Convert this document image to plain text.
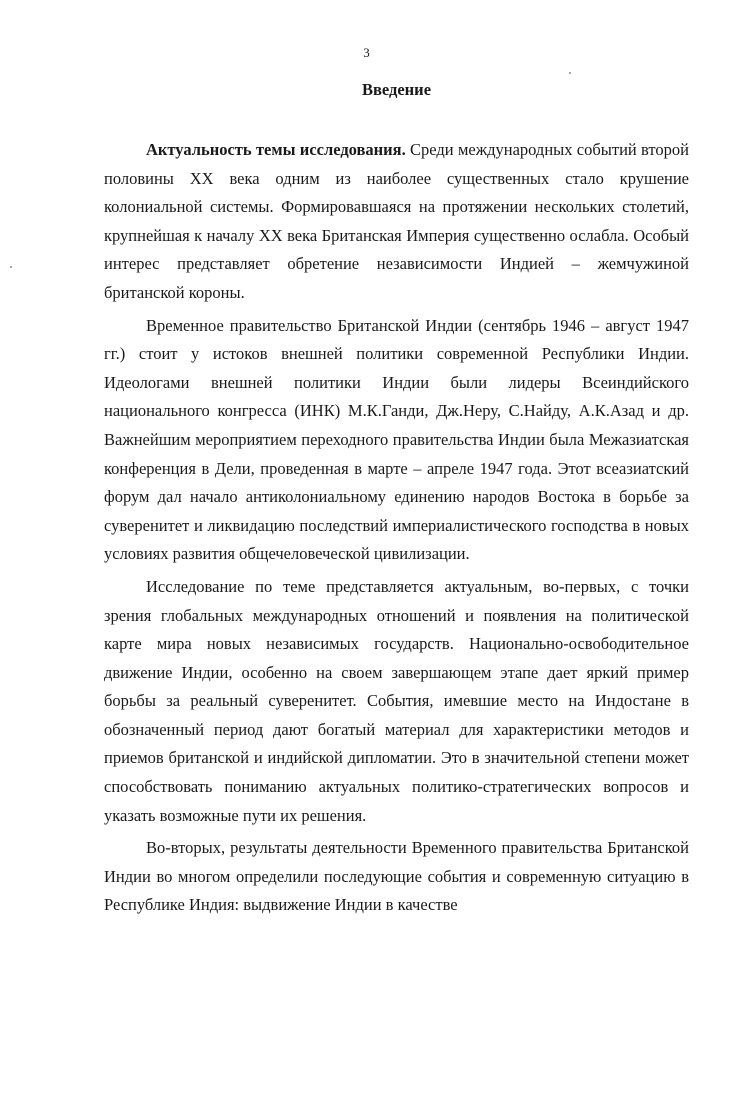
3
Введение

Актуальность темы исследования. Среди международных событий второй половины XX века одним из наиболее существенных стало крушение колониальной системы. Формировавшаяся на протяжении нескольких столетий, крупнейшая к началу XX века Британская Империя существенно ослабла. Особый интерес представляет обретение независимости Индией – жемчужиной британской короны.

Временное правительство Британской Индии (сентябрь 1946 – август 1947 гг.) стоит у истоков внешней политики современной Республики Индии. Идеологами внешней политики Индии были лидеры Всеиндийского национального конгресса (ИНК) М.К.Ганди, Дж.Неру, С.Найду, А.К.Азад и др. Важнейшим мероприятием переходного правительства Индии была Межазиатская конференция в Дели, проведенная в марте – апреле 1947 года. Этот всеазиатский форум дал начало антиколониальному единению народов Востока в борьбе за суверенитет и ликвидацию последствий империалистического господства в новых условиях развития общечеловеческой цивилизации.

Исследование по теме представляется актуальным, во-первых, с точки зрения глобальных международных отношений и появления на политической карте мира новых независимых государств. Национально-освободительное движение Индии, особенно на своем завершающем этапе дает яркий пример борьбы за реальный суверенитет. События, имевшие место на Индостане в обозначенный период дают богатый материал для характеристики методов и приемов британской и индийской дипломатии. Это в значительной степени может способствовать пониманию актуальных политико-стратегических вопросов и указать возможные пути их решения.

Во-вторых, результаты деятельности Временного правительства Британской Индии во многом определили последующие события и современную ситуацию в Республике Индия: выдвижение Индии в качестве
